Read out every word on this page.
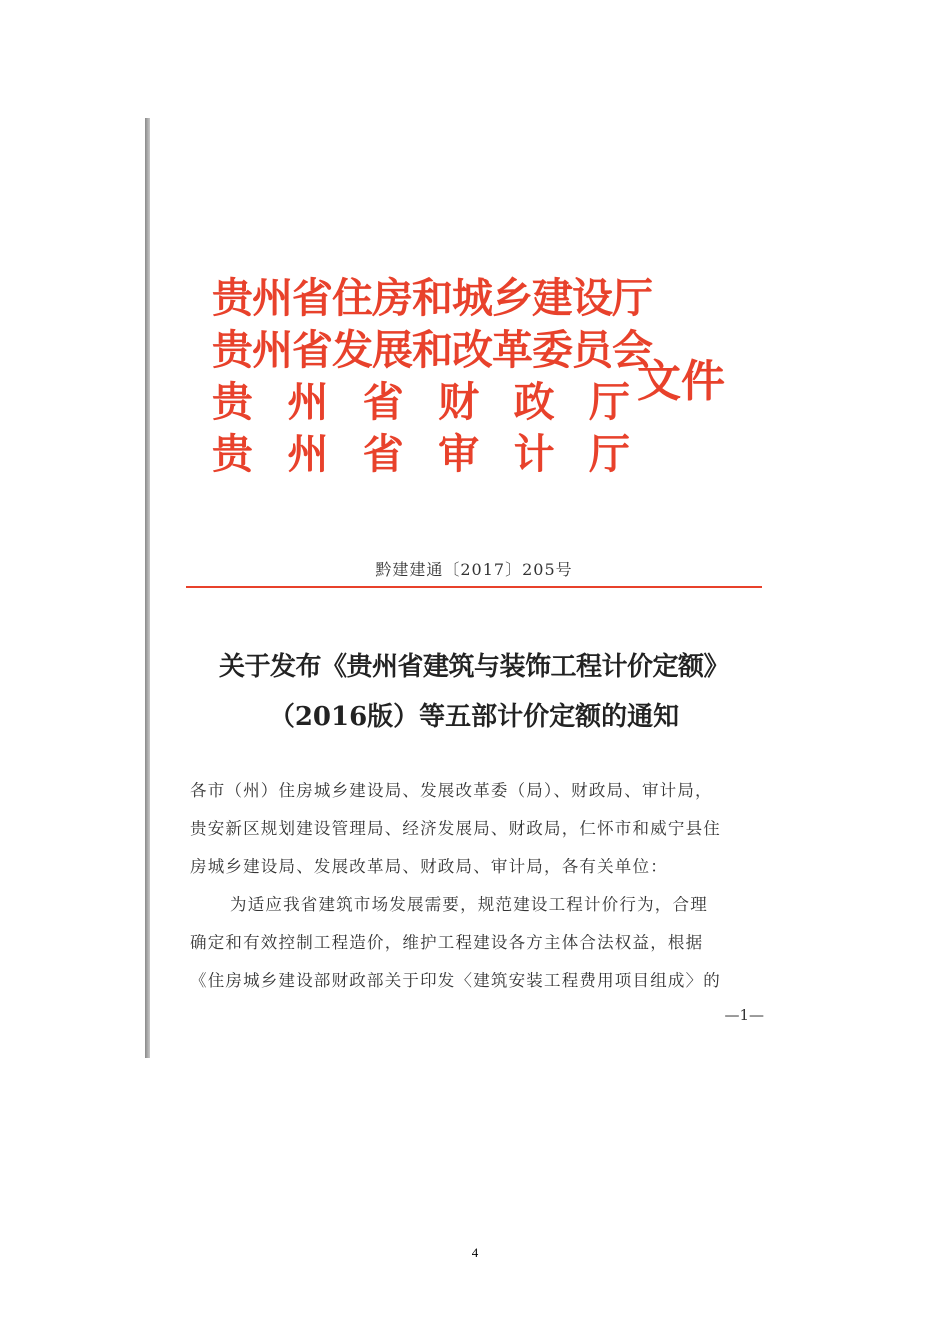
贵州省住房和城乡建设厅
贵州省发展和改革委员会
贵 州 省 财 政 厅
贵 州 省 审 计 厅
文件
黔建建通〔2017〕205号
关于发布《贵州省建筑与装饰工程计价定额》
（2016版）等五部计价定额的通知

各市（州）住房城乡建设局、发展改革委（局）、财政局、审计局，
贵安新区规划建设管理局、经济发展局、财政局，仁怀市和威宁县住
房城乡建设局、发展改革局、财政局、审计局，各有关单位：

为适应我省建筑市场发展需要，规范建设工程计价行为，合理
确定和有效控制工程造价，维护工程建设各方主体合法权益，根据
《住房城乡建设部财政部关于印发〈建筑安装工程费用项目组成〉的

—1—
4
